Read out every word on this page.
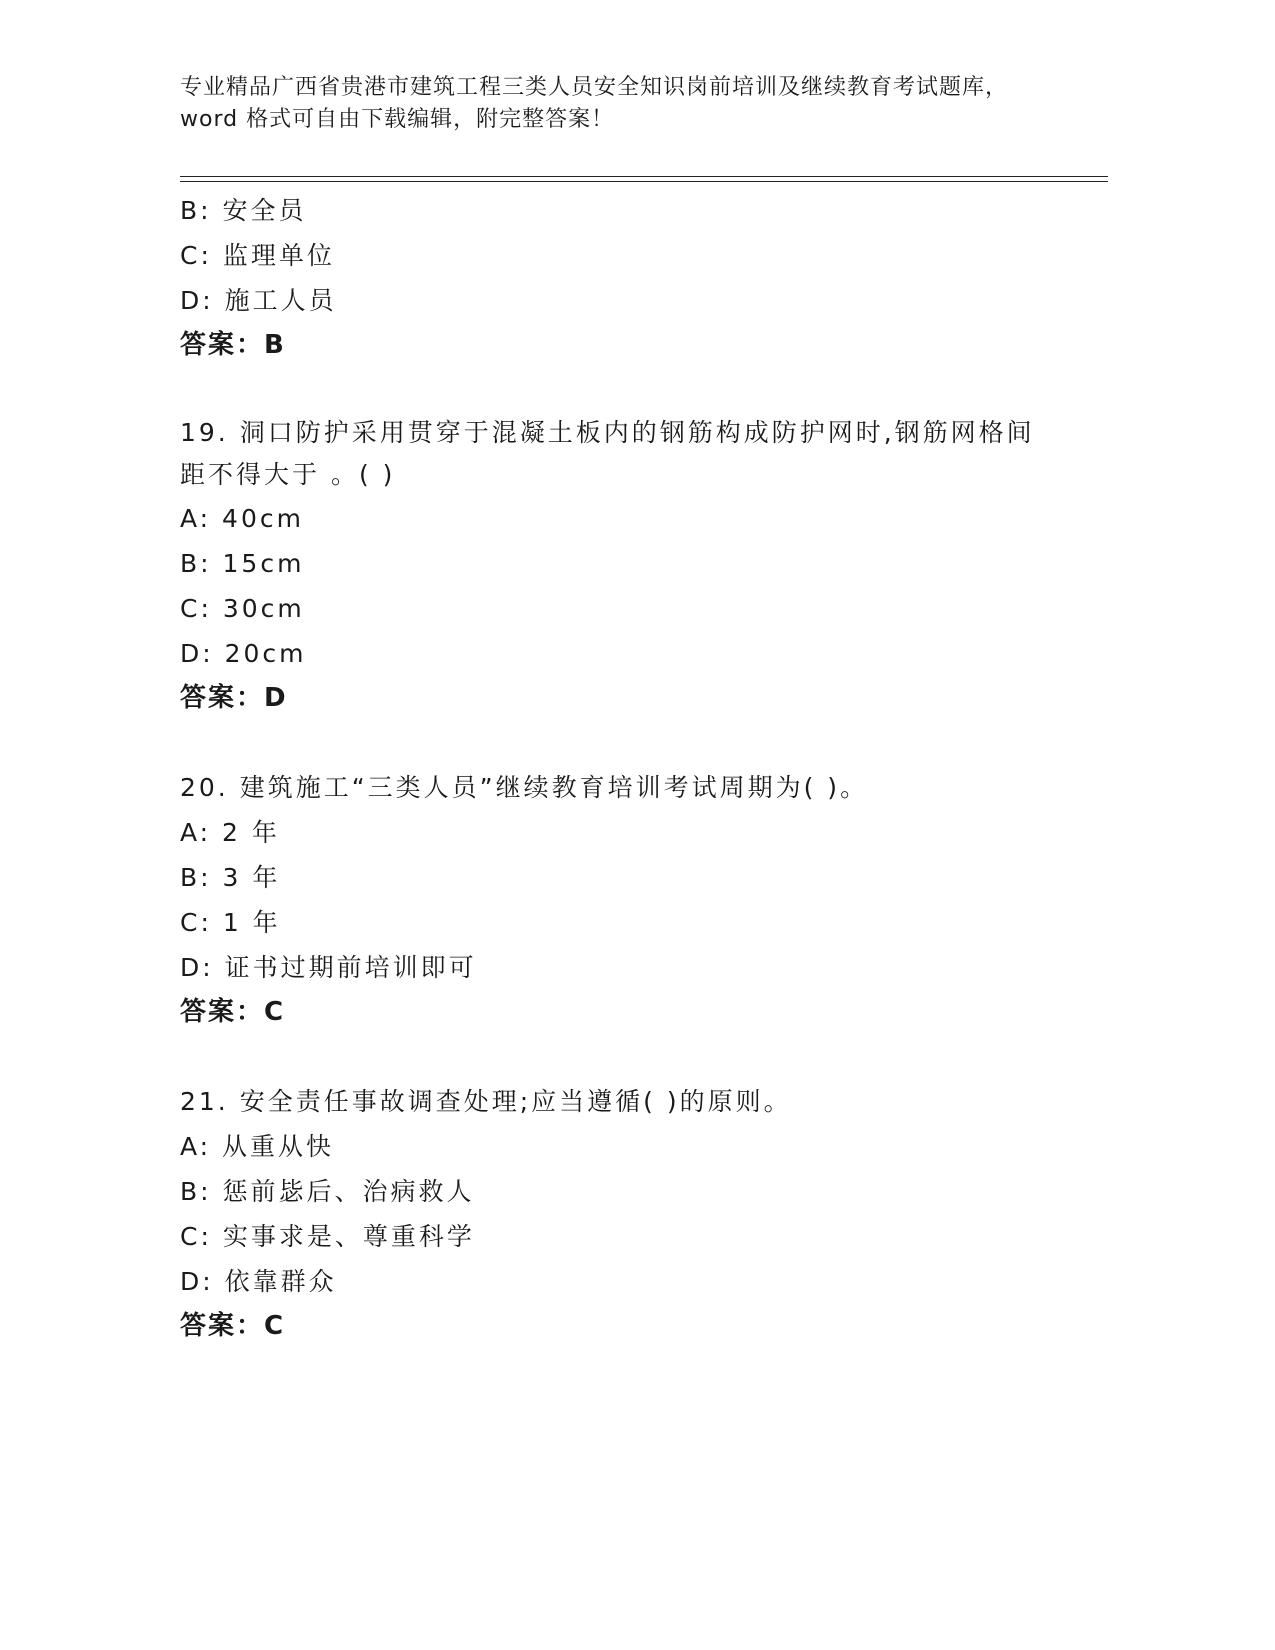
专业精品广西省贵港市建筑工程三类人员安全知识岗前培训及继续教育考试题库，

word 格式可自由下载编辑，附完整答案！
B: 安全员
C: 监理单位
D: 施工人员
答案：B
19. 洞口防护采用贯穿于混凝土板内的钢筋构成防护网时,钢筋网格间
距不得大于 。( )
A: 40cm
B: 15cm
C: 30cm
D: 20cm
答案：D
20. 建筑施工“三类人员”继续教育培训考试周期为( )。
A: 2 年
B: 3 年
C: 1 年
D: 证书过期前培训即可
答案：C
21. 安全责任事故调查处理;应当遵循( )的原则。
A: 从重从快
B: 惩前毖后、治病救人
C: 实事求是、尊重科学
D: 依靠群众
答案：C
